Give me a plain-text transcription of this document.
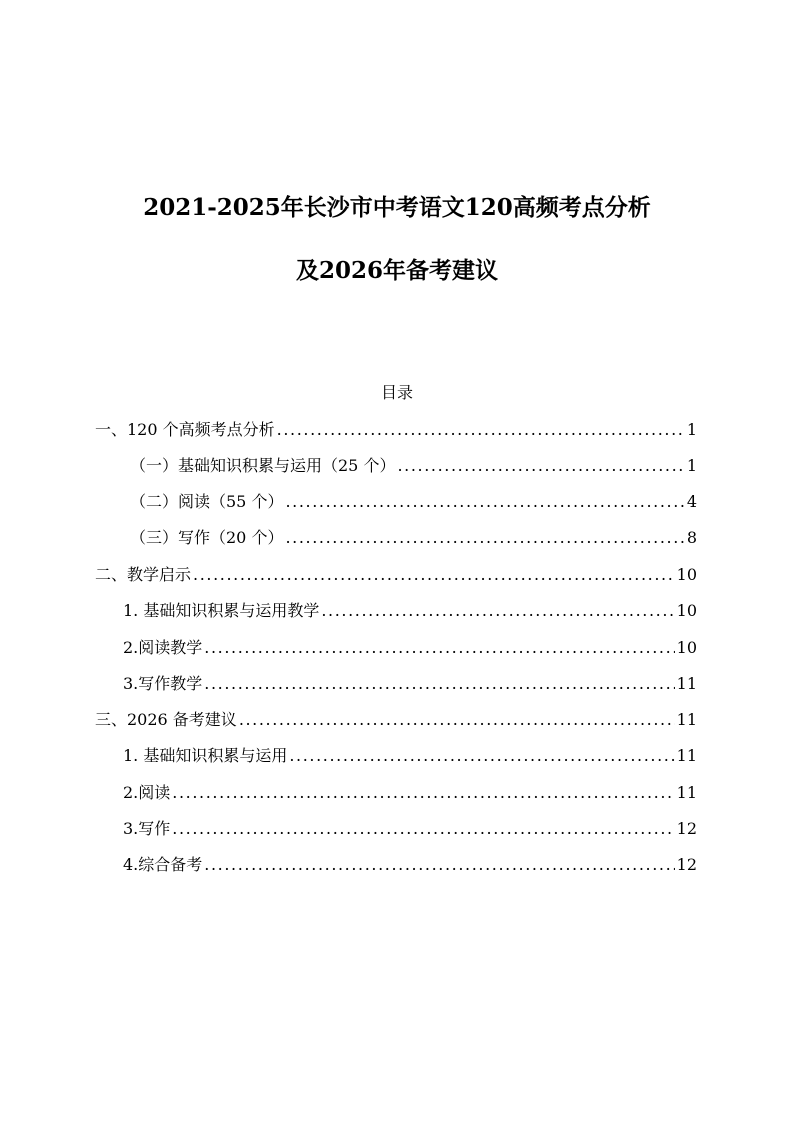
2021-2025年长沙市中考语文120高频考点分析
及2026年备考建议
目录
一、120 个高频考点分析 .....	1
（一）基础知识积累与运用（25 个） .....	1
（二）阅读（55 个） .....	4
（三）写作（20 个） .....	8
二、教学启示 .....	10
1. 基础知识积累与运用教学 .....	10
2.阅读教学 .....	10
3.写作教学 .....	11
三、2026 备考建议 .....	11
1. 基础知识积累与运用 .....	11
2.阅读 .....	11
3.写作 .....	12
4.综合备考 .....	12
